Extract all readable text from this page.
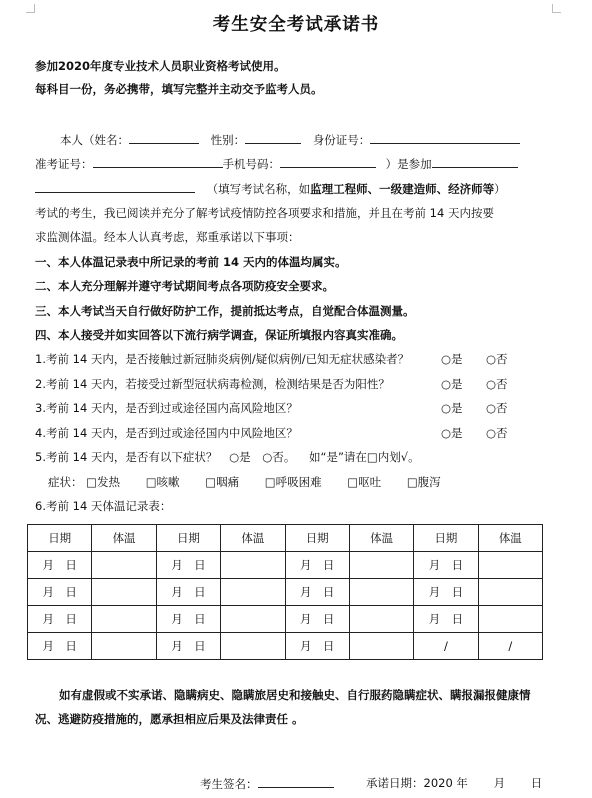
考生安全考试承诺书
参加2020年度专业技术人员职业资格考试使用。
每科目一份，务必携带，填写完整并主动交予监考人员。
本人（姓名：	性别：	身份证号：
准考证号：	手机号码：	）是参加
（填写考试名称，如监理工程师、一级建造师、经济师等）
考试的考生，我已阅读并充分了解考试疫情防控各项要求和措施，并且在考前 14 天内按要
求监测体温。经本人认真考虑，郑重承诺以下事项：
一、本人体温记录表中所记录的考前 14 天内的体温均属实。
二、本人充分理解并遵守考试期间考点各项防疫安全要求。
三、本人考试当天自行做好防护工作，提前抵达考点，自觉配合体温测量。
四、本人接受并如实回答以下流行病学调查，保证所填报内容真实准确。
1.考前 14 天内，是否接触过新冠肺炎病例/疑似病例/已知无症状感染者？	○是 ○否
2.考前 14 天内，若接受过新型冠状病毒检测，检测结果是否为阳性？	○是 ○否
3.考前 14 天内，是否到过或途径国内高风险地区？	○是 ○否
4.考前 14 天内，是否到过或途径国内中风险地区？	○是 ○否
5.考前 14 天内，是否有以下症状？ ○是 ○否。 如“是”请在□内划√。
症状： □发热 □咳嗽 □咽痛 □呼吸困难 □呕吐 □腹泻
6.考前 14 天体温记录表：
日期	体温	日期	体温	日期	体温	日期	体温
月　日		月　日		月　日		月　日	
月　日		月　日		月　日		月　日	
月　日		月　日		月　日		月　日	
月　日		月　日		月　日		/	/
如有虚假或不实承诺、隐瞒病史、隐瞒旅居史和接触史、自行服药隐瞒症状、瞒报漏报健康情况、逃避防疫措施的，愿承担相应后果及法律责任 。
考生签名：	承诺日期：2020 年 月 日
